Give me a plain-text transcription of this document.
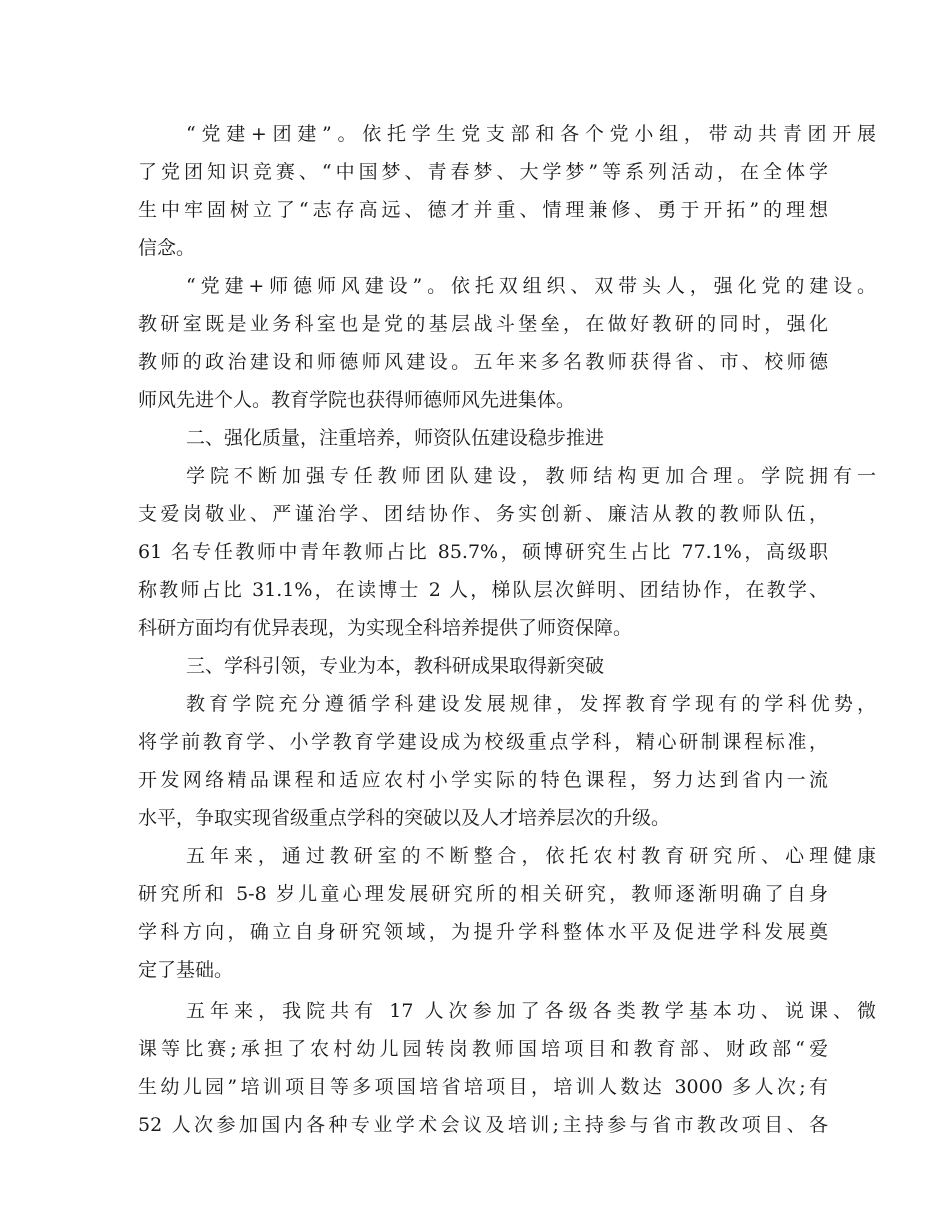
“党建+团建”。依托学生党支部和各个党小组，带动共青团开展
了党团知识竞赛、“中国梦、青春梦、大学梦”等系列活动，在全体学
生中牢固树立了“志存高远、德才并重、情理兼修、勇于开拓”的理想
信念。
“党建+师德师风建设”。依托双组织、双带头人，强化党的建设。
教研室既是业务科室也是党的基层战斗堡垒，在做好教研的同时，强化
教师的政治建设和师德师风建设。五年来多名教师获得省、市、校师德
师风先进个人。教育学院也获得师德师风先进集体。
二、强化质量，注重培养，师资队伍建设稳步推进
学院不断加强专任教师团队建设，教师结构更加合理。学院拥有一
支爱岗敬业、严谨治学、团结协作、务实创新、廉洁从教的教师队伍，
61 名专任教师中青年教师占比 85.7%，硕博研究生占比 77.1%，高级职
称教师占比 31.1%，在读博士 2 人，梯队层次鲜明、团结协作，在教学、
科研方面均有优异表现，为实现全科培养提供了师资保障。
三、学科引领，专业为本，教科研成果取得新突破
教育学院充分遵循学科建设发展规律，发挥教育学现有的学科优势，
将学前教育学、小学教育学建设成为校级重点学科，精心研制课程标准，
开发网络精品课程和适应农村小学实际的特色课程，努力达到省内一流
水平，争取实现省级重点学科的突破以及人才培养层次的升级。
五年来，通过教研室的不断整合，依托农村教育研究所、心理健康
研究所和 5-8 岁儿童心理发展研究所的相关研究，教师逐渐明确了自身
学科方向，确立自身研究领域，为提升学科整体水平及促进学科发展奠
定了基础。
五年来，我院共有 17 人次参加了各级各类教学基本功、说课、微
课等比赛;承担了农村幼儿园转岗教师国培项目和教育部、财政部“爱
生幼儿园”培训项目等多项国培省培项目，培训人数达 3000 多人次;有
52 人次参加国内各种专业学术会议及培训;主持参与省市教改项目、各
